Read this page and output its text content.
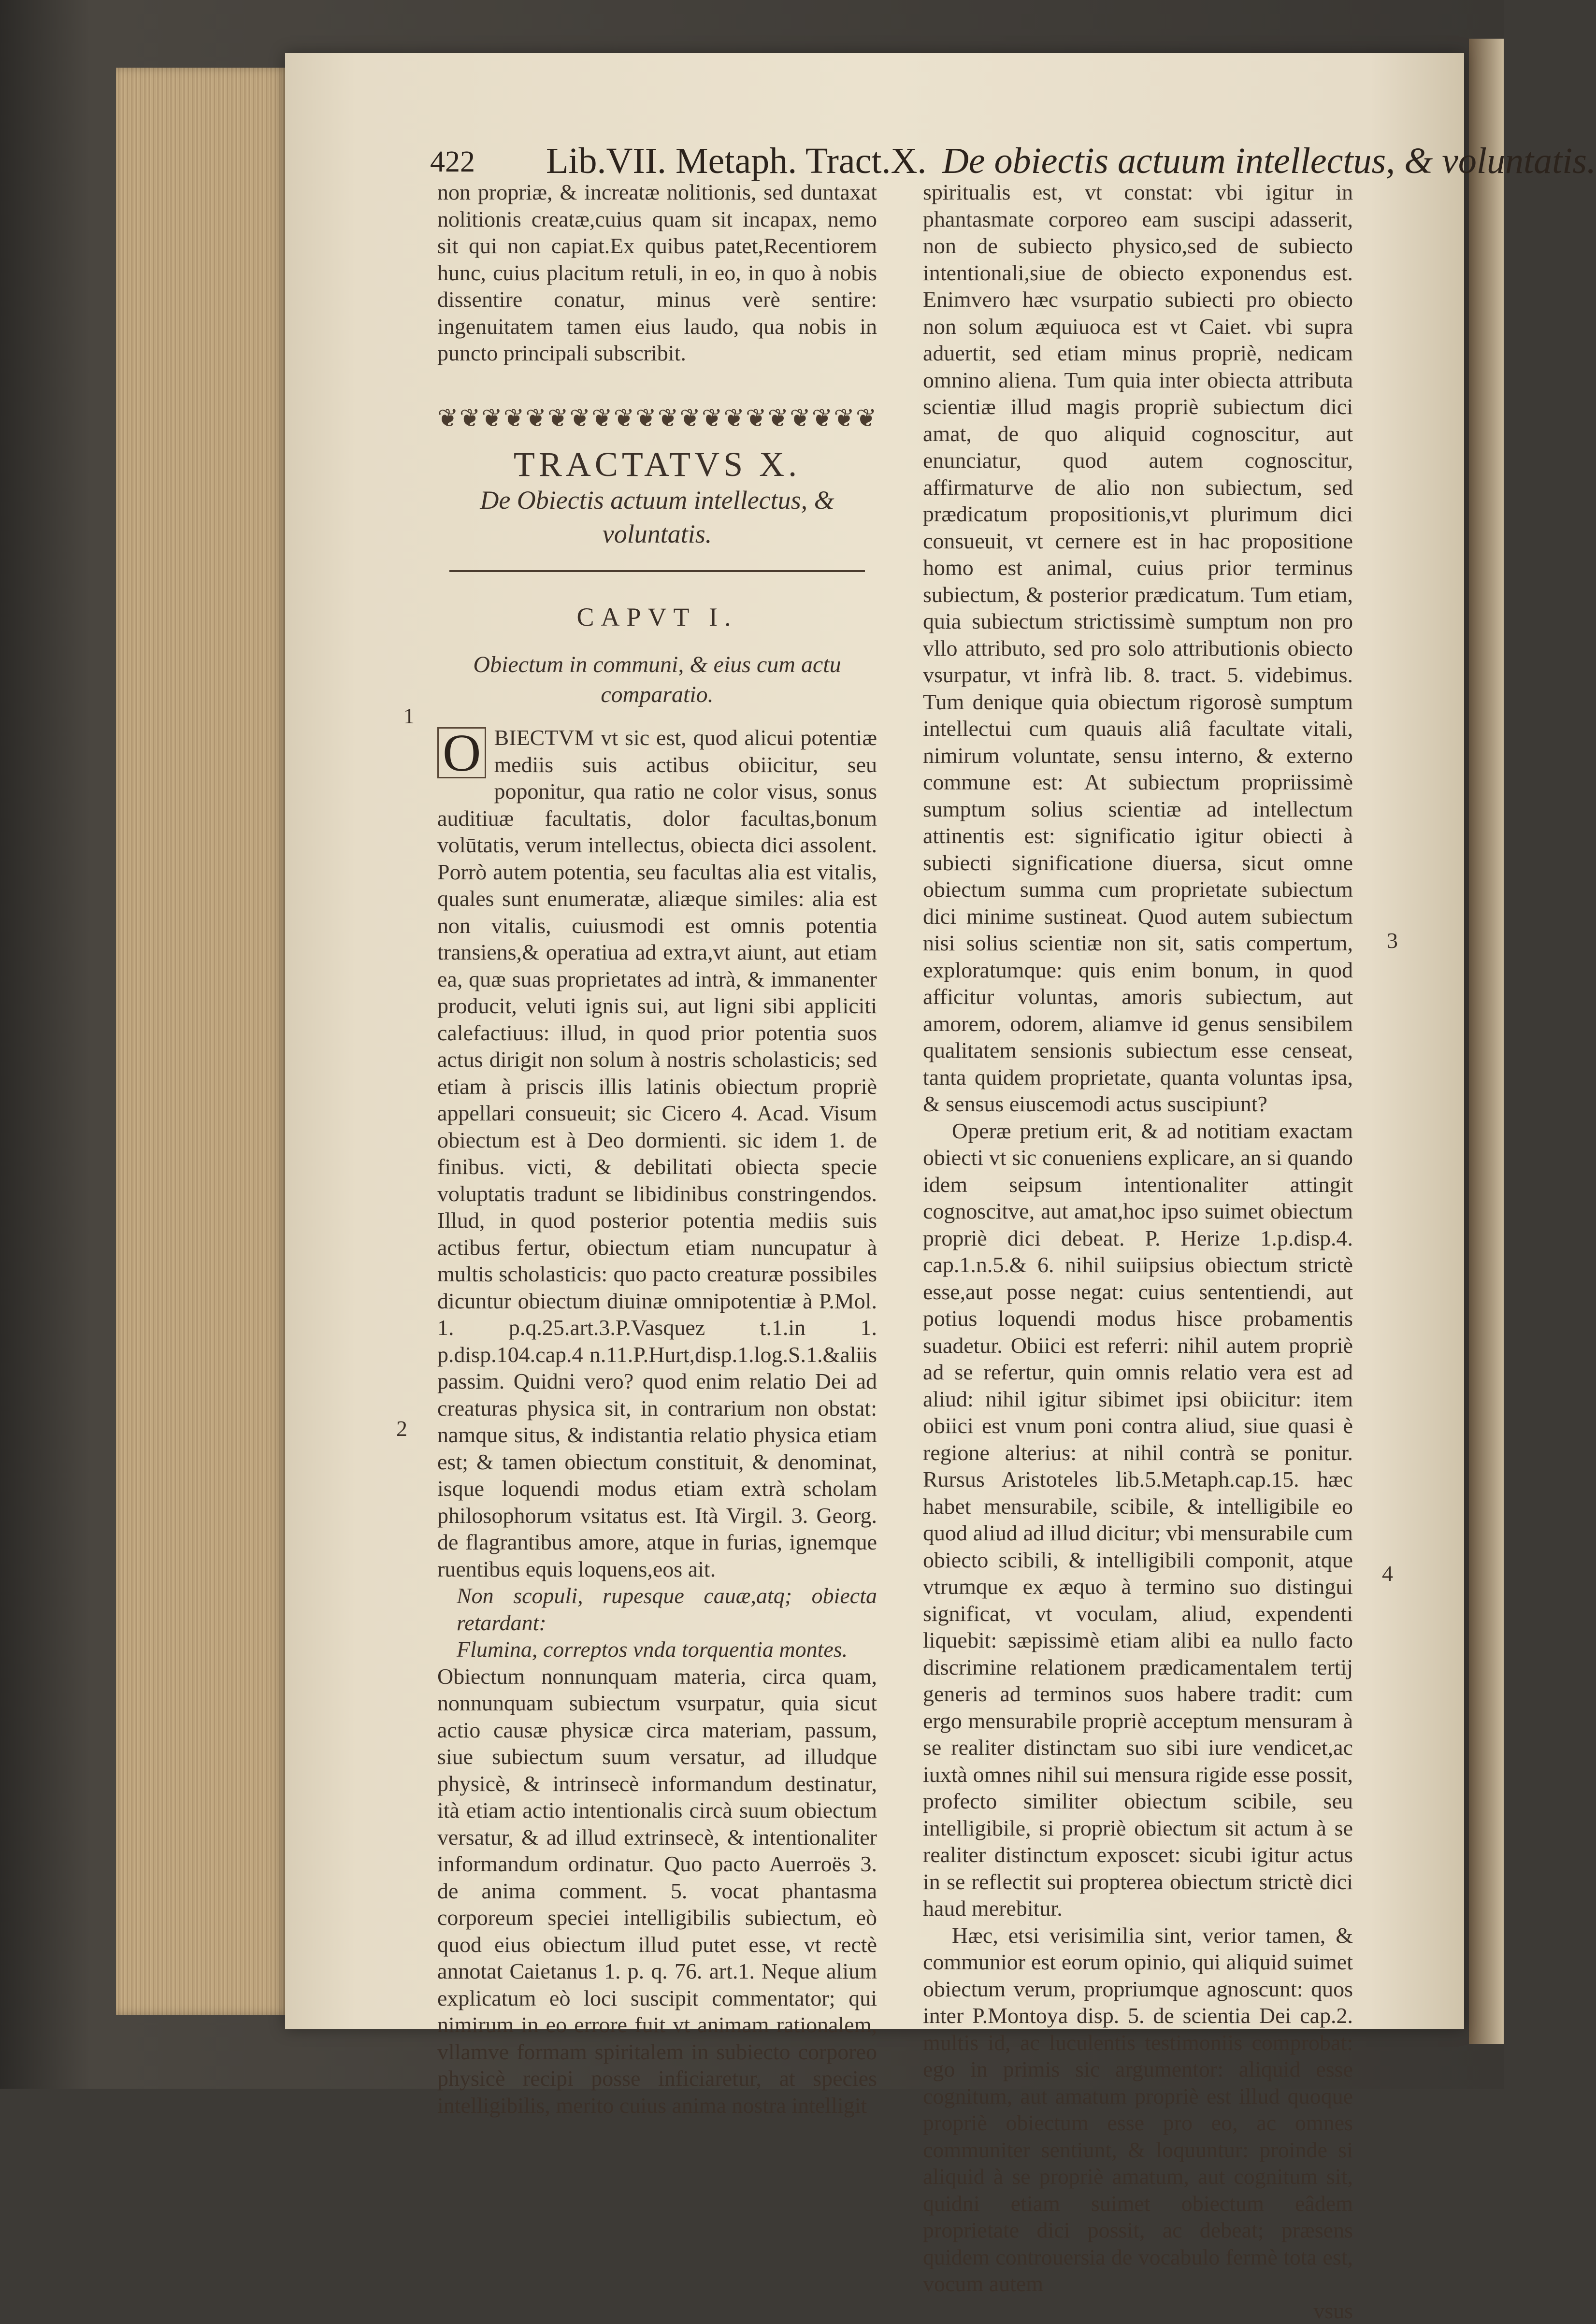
422 Lib.VII. Metaph. Tract.X. De obiectis actuum intellectus, & voluntatis.

non propriæ, & increatæ nolitionis, sed duntaxat nolitionis creatæ,cuius quam sit incapax, nemo sit qui non capiat.Ex quibus patet,Recentiorem hunc, cuius placitum retuli, in eo, in quo à nobis dissentire conatur, minus verè sentire: ingenuitatem tamen eius laudo, qua nobis in puncto principali subscribit.

❦❦❦❦❦❦❦❦❦❦❦❦❦❦❦❦❦❦❦❦
TRACTATVS X.
De Obiectis actuum intellectus, & voluntatis.
CAPVT I.
Obiectum in communi, & eius cum actu comparatio.

O BIECTVM vt sic est, quod alicui potentiæ mediis suis actibus obiicitur, seu poponitur, qua ratio ne color visus, sonus auditiuæ facultatis, dolor facultas,bonum volūtatis, verum intellectus, obiecta dici assolent. Porrò autem potentia, seu facultas alia est vitalis, quales sunt enumeratæ, aliæque similes: alia est non vitalis, cuiusmodi est omnis potentia transiens,& operatiua ad extra,vt aiunt, aut etiam ea, quæ suas proprietates ad intrà, & immanenter producit, veluti ignis sui, aut ligni sibi appliciti calefactiuus: illud, in quod prior potentia suos actus dirigit non solum à nostris scholasticis; sed etiam à priscis illis latinis obiectum propriè appellari consueuit; sic Cicero 4. Acad. Visum obiectum est à Deo dormienti. sic idem 1. de finibus. victi, & debilitati obiecta specie voluptatis tradunt se libidinibus constringendos. Illud, in quod posterior potentia mediis suis actibus fertur, obiectum etiam nuncupatur à multis scholasticis: quo pacto creaturæ possibiles dicuntur obiectum diuinæ omnipotentiæ à P.Mol. 1. p.q.25.art.3.P.Vasquez t.1.in 1. p.disp.104.cap.4 n.11.P.Hurt,disp.1.log.S.1.&aliis passim. Quidni vero? quod enim relatio Dei ad creaturas physica sit, in contrarium non obstat: namque situs, & indistantia relatio physica etiam est; & tamen obiectum constituit, & denominat, isque loquendi modus etiam extrà scholam philosophorum vsitatus est. Ità Virgil. 3. Georg. de flagrantibus amore, atque in furias, ignemque ruentibus equis loquens,eos ait.

Non scopuli, rupesque cauæ,atq; obiecta retardant:

Flumina, correptos vnda torquentia montes.

Obiectum nonnunquam materia, circa quam, nonnunquam subiectum vsurpatur, quia sicut actio causæ physicæ circa materiam, passum, siue subiectum suum versatur, ad illudque physicè, & intrinsecè informandum destinatur, ità etiam actio intentionalis circà suum obiectum versatur, & ad illud extrinsecè, & intentionaliter informandum ordinatur. Quo pacto Auerroës 3. de anima comment. 5. vocat phantasma corporeum speciei intelligibilis subiectum, eò quod eius obiectum illud putet esse, vt rectè annotat Caietanus 1. p. q. 76. art.1. Neque alium explicatum eò loci suscipit commentator; qui nimirum in eo errore fuit vt animam rationalem, vllamve formam spiritalem in subiecto corporeo physicè recipi posse inficiaretur, at species intelligibilis, merito cuius anima nostra intelligit

1
2

spiritualis est, vt constat: vbi igitur in phantasmate corporeo eam suscipi adasserit, non de subiecto physico,sed de subiecto intentionali,siue de obiecto exponendus est. Enimvero hæc vsurpatio subiecti pro obiecto non solum æquiuoca est vt Caiet. vbi supra aduertit, sed etiam minus propriè, nedicam omnino aliena. Tum quia inter obiecta attributa scientiæ illud magis propriè subiectum dici amat, de quo aliquid cognoscitur, aut enunciatur, quod autem cognoscitur, affirmaturve de alio non subiectum, sed prædicatum propositionis,vt plurimum dici consueuit, vt cernere est in hac propositione homo est animal, cuius prior terminus subiectum, & posterior prædicatum. Tum etiam, quia subiectum strictissimè sumptum non pro vllo attributo, sed pro solo attributionis obiecto vsurpatur, vt infrà lib. 8. tract. 5. videbimus. Tum denique quia obiectum rigorosè sumptum intellectui cum quauis aliâ facultate vitali, nimirum voluntate, sensu interno, & externo commune est: At subiectum propriissimè sumptum solius scientiæ ad intellectum attinentis est: significatio igitur obiecti à subiecti significatione diuersa, sicut omne obiectum summa cum proprietate subiectum dici minime sustineat. Quod autem subiectum nisi solius scientiæ non sit, satis compertum, exploratumque: quis enim bonum, in quod afficitur voluntas, amoris subiectum, aut amorem, odorem, aliamve id genus sensibilem qualitatem sensionis subiectum esse censeat, tanta quidem proprietate, quanta voluntas ipsa, & sensus eiuscemodi actus suscipiunt?

Operæ pretium erit, & ad notitiam exactam obiecti vt sic conueniens explicare, an si quando idem seipsum intentionaliter attingit cognoscitve, aut amat,hoc ipso suimet obiectum propriè dici debeat. P. Herize 1.p.disp.4. cap.1.n.5.& 6. nihil suiipsius obiectum strictè esse,aut posse negat: cuius sententiendi, aut potius loquendi modus hisce probamentis suadetur. Obiici est referri: nihil autem propriè ad se refertur, quin omnis relatio vera est ad aliud: nihil igitur sibimet ipsi obiicitur: item obiici est vnum poni contra aliud, siue quasi è regione alterius: at nihil contrà se ponitur. Rursus Aristoteles lib.5.Metaph.cap.15. hæc habet mensurabile, scibile, & intelligibile eo quod aliud ad illud dicitur; vbi mensurabile cum obiecto scibili, & intelligibili componit, atque vtrumque ex æquo à termino suo distingui significat, vt voculam, aliud, expendenti liquebit: sæpissimè etiam alibi ea nullo facto discrimine relationem prædicamentalem tertij generis ad terminos suos habere tradit: cum ergo mensurabile propriè acceptum mensuram à se realiter distinctam suo sibi iure vendicet,ac iuxtà omnes nihil sui mensura rigide esse possit, profecto similiter obiectum scibile, seu intelligibile, si propriè obiectum sit actum à se realiter distinctum exposcet: sicubi igitur actus in se reflectit sui propterea obiectum strictè dici haud merebitur.

Hæc, etsi verisimilia sint, verior tamen, & communior est eorum opinio, qui aliquid suimet obiectum verum, propriumque agnoscunt: quos inter P.Montoya disp. 5. de scientia Dei cap.2. multis id, ac luculentis testimoniis comprobat: ego in primis sic argumentor: aliquid esse cognitum, aut amatum propriè est illud quoque propriè obiectum esse pro eo, ac omnes communiter sentiunt, & loquuntur: proinde si aliquid à se propriè amatum, aut cognitum sit, quidni etiam suimet obiectum eâdem proprietate dici possit, ac debeat; præsens quidem controuersia de vocabulo fermè tota est, vocum autem

vsus

3
4
